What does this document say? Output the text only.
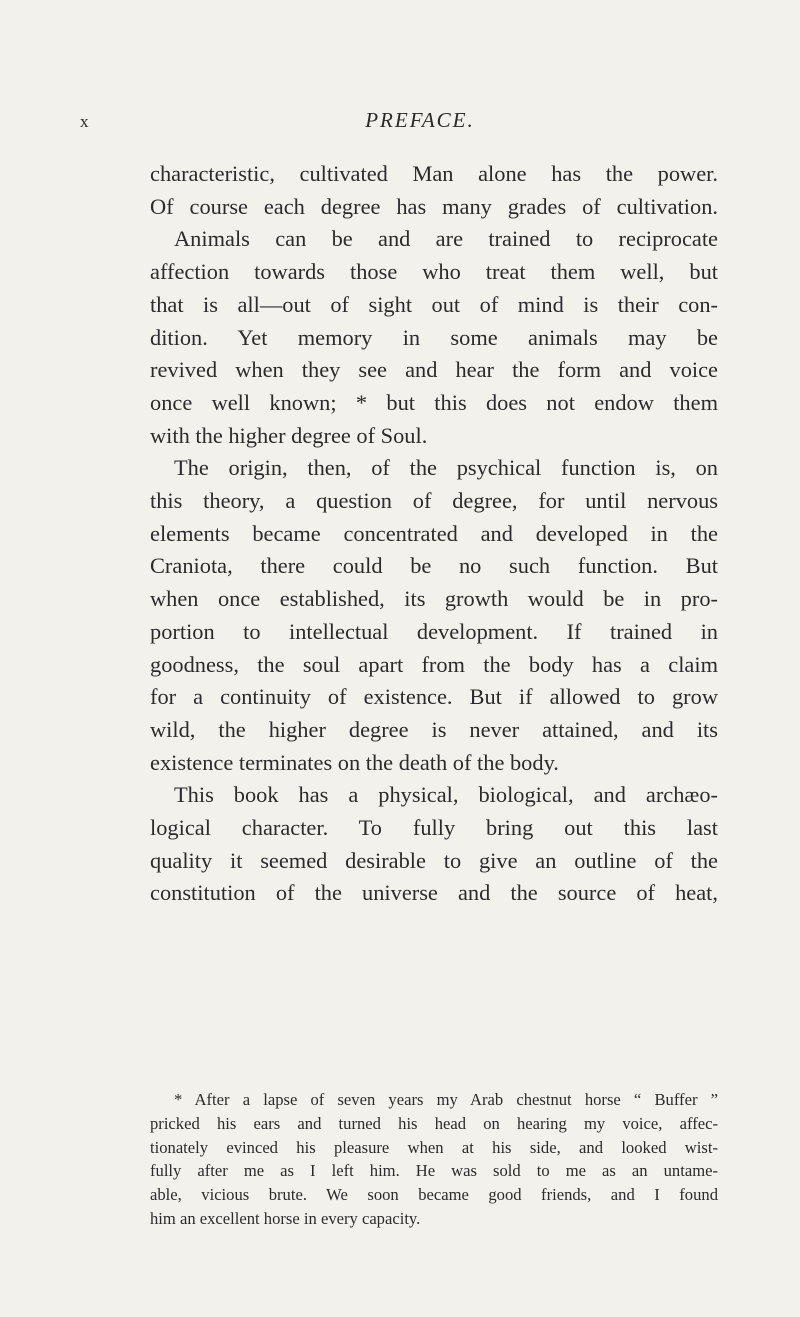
x	PREFACE.

characteristic, cultivated Man alone has the power.

Of course each degree has many grades of cultivation.

Animals can be and are trained to reciprocate

affection towards those who treat them well, but

that is all—out of sight out of mind is their con-

dition. Yet memory in some animals may be

revived when they see and hear the form and voice

once well known; * but this does not endow them

with the higher degree of Soul.

The origin, then, of the psychical function is, on

this theory, a question of degree, for until nervous

elements became concentrated and developed in the

Craniota, there could be no such function. But

when once established, its growth would be in pro-

portion to intellectual development. If trained in

goodness, the soul apart from the body has a claim

for a continuity of existence. But if allowed to grow

wild, the higher degree is never attained, and its

existence terminates on the death of the body.

This book has a physical, biological, and archæo-

logical character. To fully bring out this last

quality it seemed desirable to give an outline of the

constitution of the universe and the source of heat,

* After a lapse of seven years my Arab chestnut horse “ Buffer ”

pricked his ears and turned his head on hearing my voice, affec-

tionately evinced his pleasure when at his side, and looked wist-

fully after me as I left him. He was sold to me as an untame-

able, vicious brute. We soon became good friends, and I found

him an excellent horse in every capacity.
